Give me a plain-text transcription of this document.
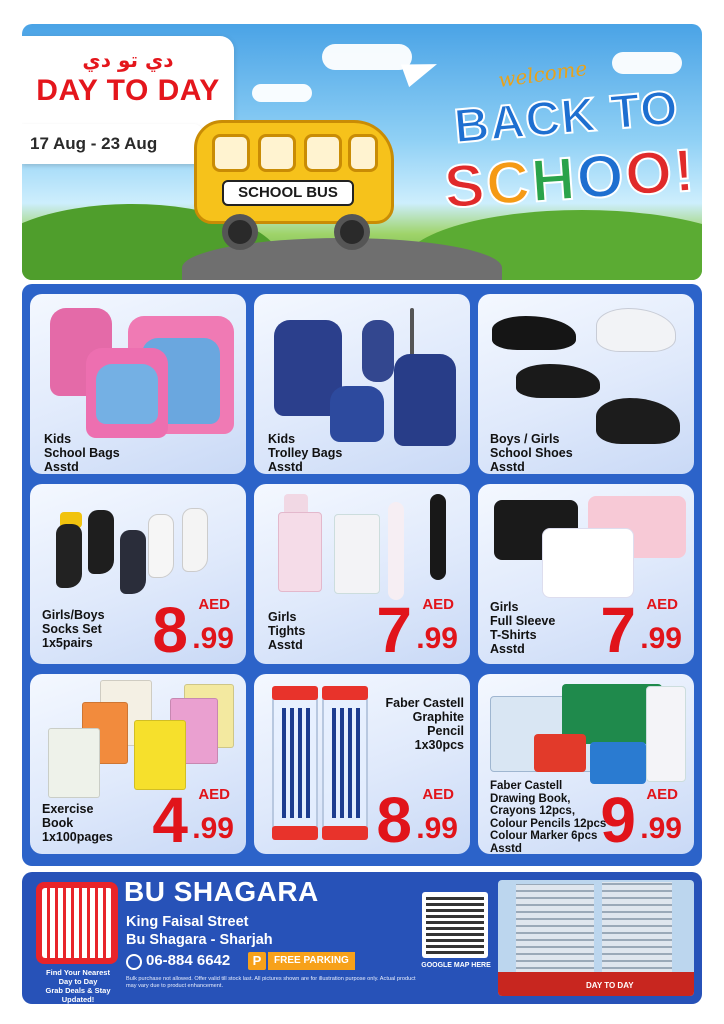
دي تو دي
DAY TO DAY
17 Aug - 23 Aug
SCHOOL BUS
welcome
BACK TO
SCHOO!
Kids
School Bags
Asstd
Kids
Trolley Bags
Asstd
Boys / Girls
School Shoes
Asstd
Girls/Boys
Socks Set
1x5pairs 8 AED
.99
Girls
Tights
Asstd 7 AED
.99
Girls
Full Sleeve
T-Shirts
Asstd	7 AED
.99
Exercise
Book
1x100pages 4 AED
.99
Faber Castell
Graphite Pencil
1x30pcs
8 AED
.99
Faber Castell
Drawing Book,
Crayons 12pcs,
Colour Pencils 12pcs
Colour Marker 6pcs
Asstd	9 AED
.99
Find Your Nearest
Day to Day
Grab Deals & Stay Updated!
BU SHAGARA
King Faisal Street
Bu Shagara - Sharjah
06-884 6642	P	FREE PARKING
Bulk purchase not allowed. Offer valid till stock last. All pictures shown are for illustration purpose only. Actual product may vary due to product enhancement.
GOOGLE MAP HERE
DAY TO DAY
